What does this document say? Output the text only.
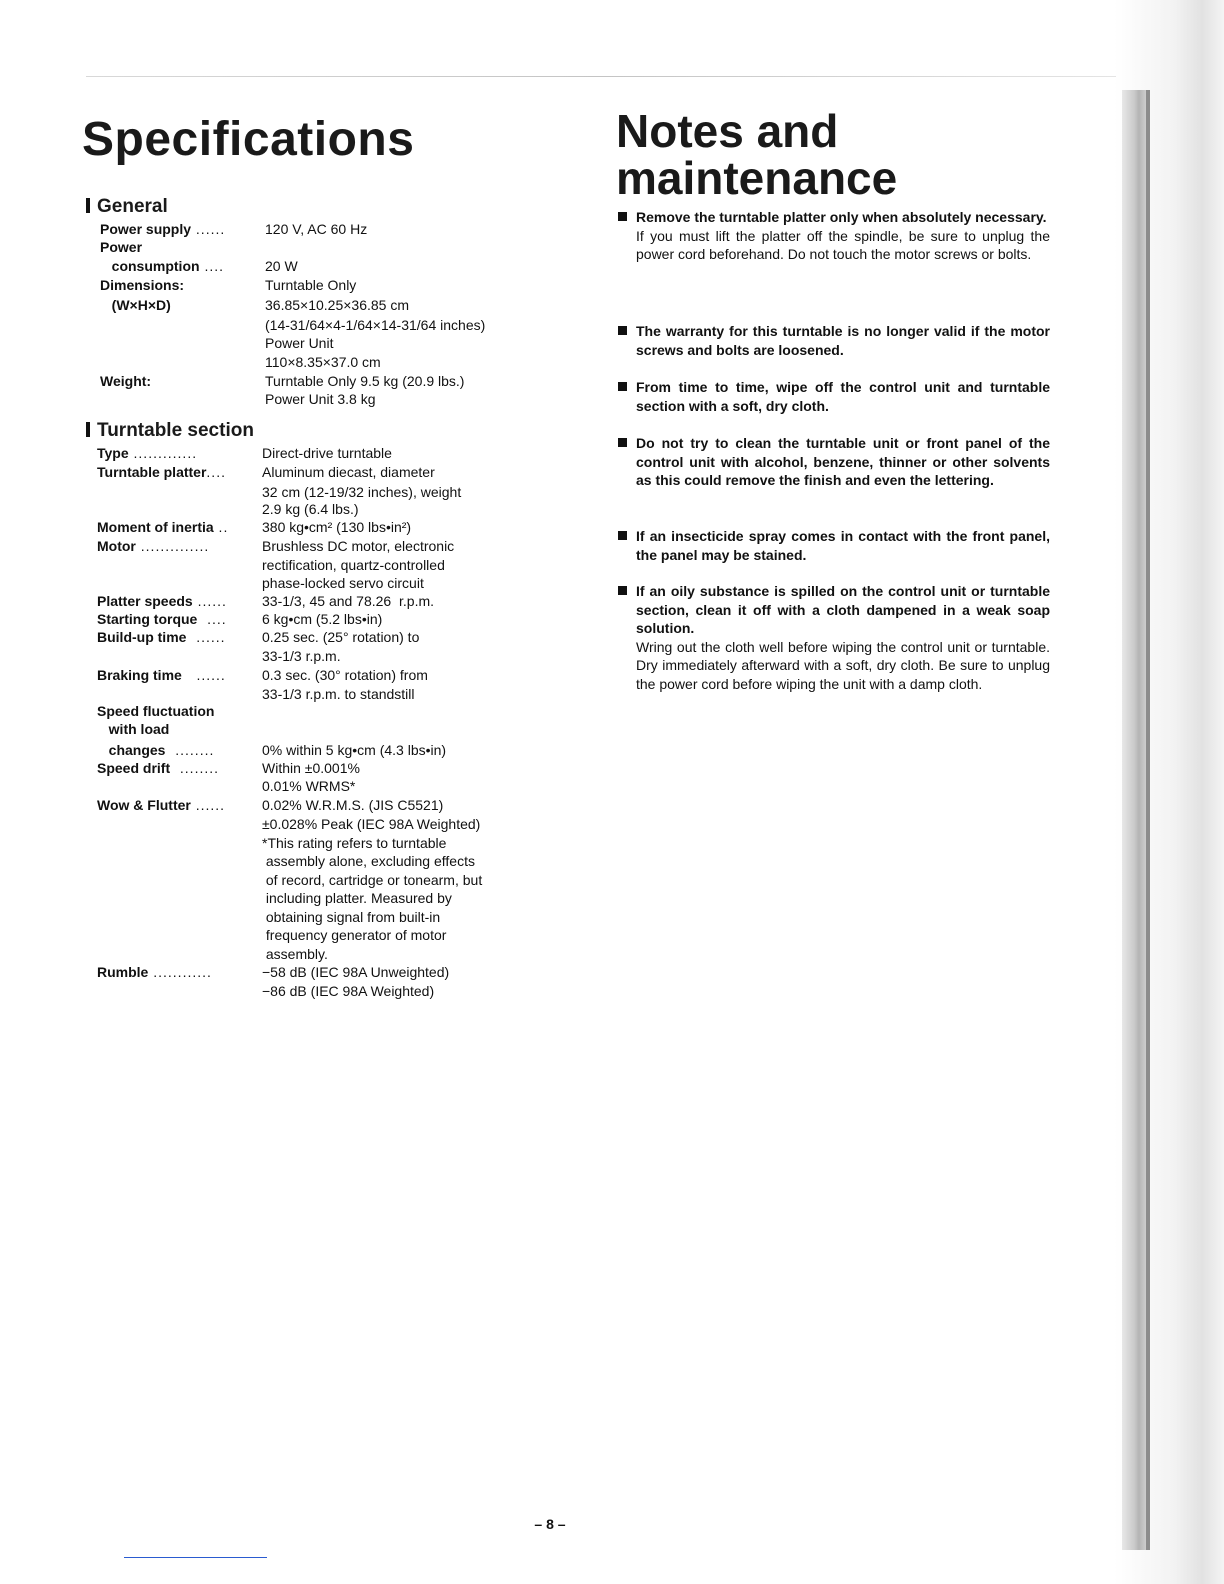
Specifications
General
Power supply ......	120 V, AC 60 Hz
Power
consumption ....	20 W
Dimensions:	Turntable Only
(W×H×D)	36.85×10.25×36.85 cm
(14-31/64×4-1/64×14-31/64 inches)
Power Unit
110×8.35×37.0 cm
Weight:	Turntable Only 9.5 kg (20.9 lbs.)
Power Unit 3.8 kg
Turntable section
Type .............	Direct-drive turntable
Turntable platter....	Aluminum diecast, diameter
32 cm (12-19/32 inches), weight
2.9 kg (6.4 lbs.)
Moment of inertia .. 380 kg•cm² (130 lbs•in²)
Motor ..............	Brushless DC motor, electronic
rectification, quartz-controlled
phase-locked servo circuit
Platter speeds ......	33-1/3, 45 and 78.26  r.p.m.
Starting torque  ....	6 kg•cm (5.2 lbs•in)
Build-up time  ......	0.25 sec. (25° rotation) to
33-1/3 r.p.m.
Braking time   ......	0.3 sec. (30° rotation) from
33-1/3 r.p.m. to standstill
Speed fluctuation
with load
changes  ........	0% within 5 kg•cm (4.3 lbs•in)
Speed drift  ........	Within ±0.001%
0.01% WRMS*
Wow & Flutter ......	0.02% W.R.M.S. (JIS C5521)
±0.028% Peak (IEC 98A Weighted)
*This rating refers to turntable
assembly alone, excluding effects
of record, cartridge or tonearm, but
including platter. Measured by
obtaining signal from built-in
frequency generator of motor
assembly.
Rumble ............	−58 dB (IEC 98A Unweighted)
−86 dB (IEC 98A Weighted)
Notes and
maintenance

Remove the turntable platter only when absolutely necessary.

If you must lift the platter off the spindle, be sure to unplug the power cord beforehand. Do not touch the motor screws or bolts.

The warranty for this turntable is no longer valid if the motor screws and bolts are loosened.

From time to time, wipe off the control unit and turntable section with a soft, dry cloth.

Do not try to clean the turntable unit or front panel of the control unit with alcohol, benzene, thinner or other solvents as this could remove the finish and even the lettering.

If an insecticide spray comes in contact with the front panel, the panel may be stained.

If an oily substance is spilled on the control unit or turntable section, clean it off with a cloth dampened in a weak soap solution.

Wring out the cloth well before wiping the control unit or turntable. Dry immediately afterward with a soft, dry cloth. Be sure to unplug the power cord before wiping the unit with a damp cloth.

– 8 –
